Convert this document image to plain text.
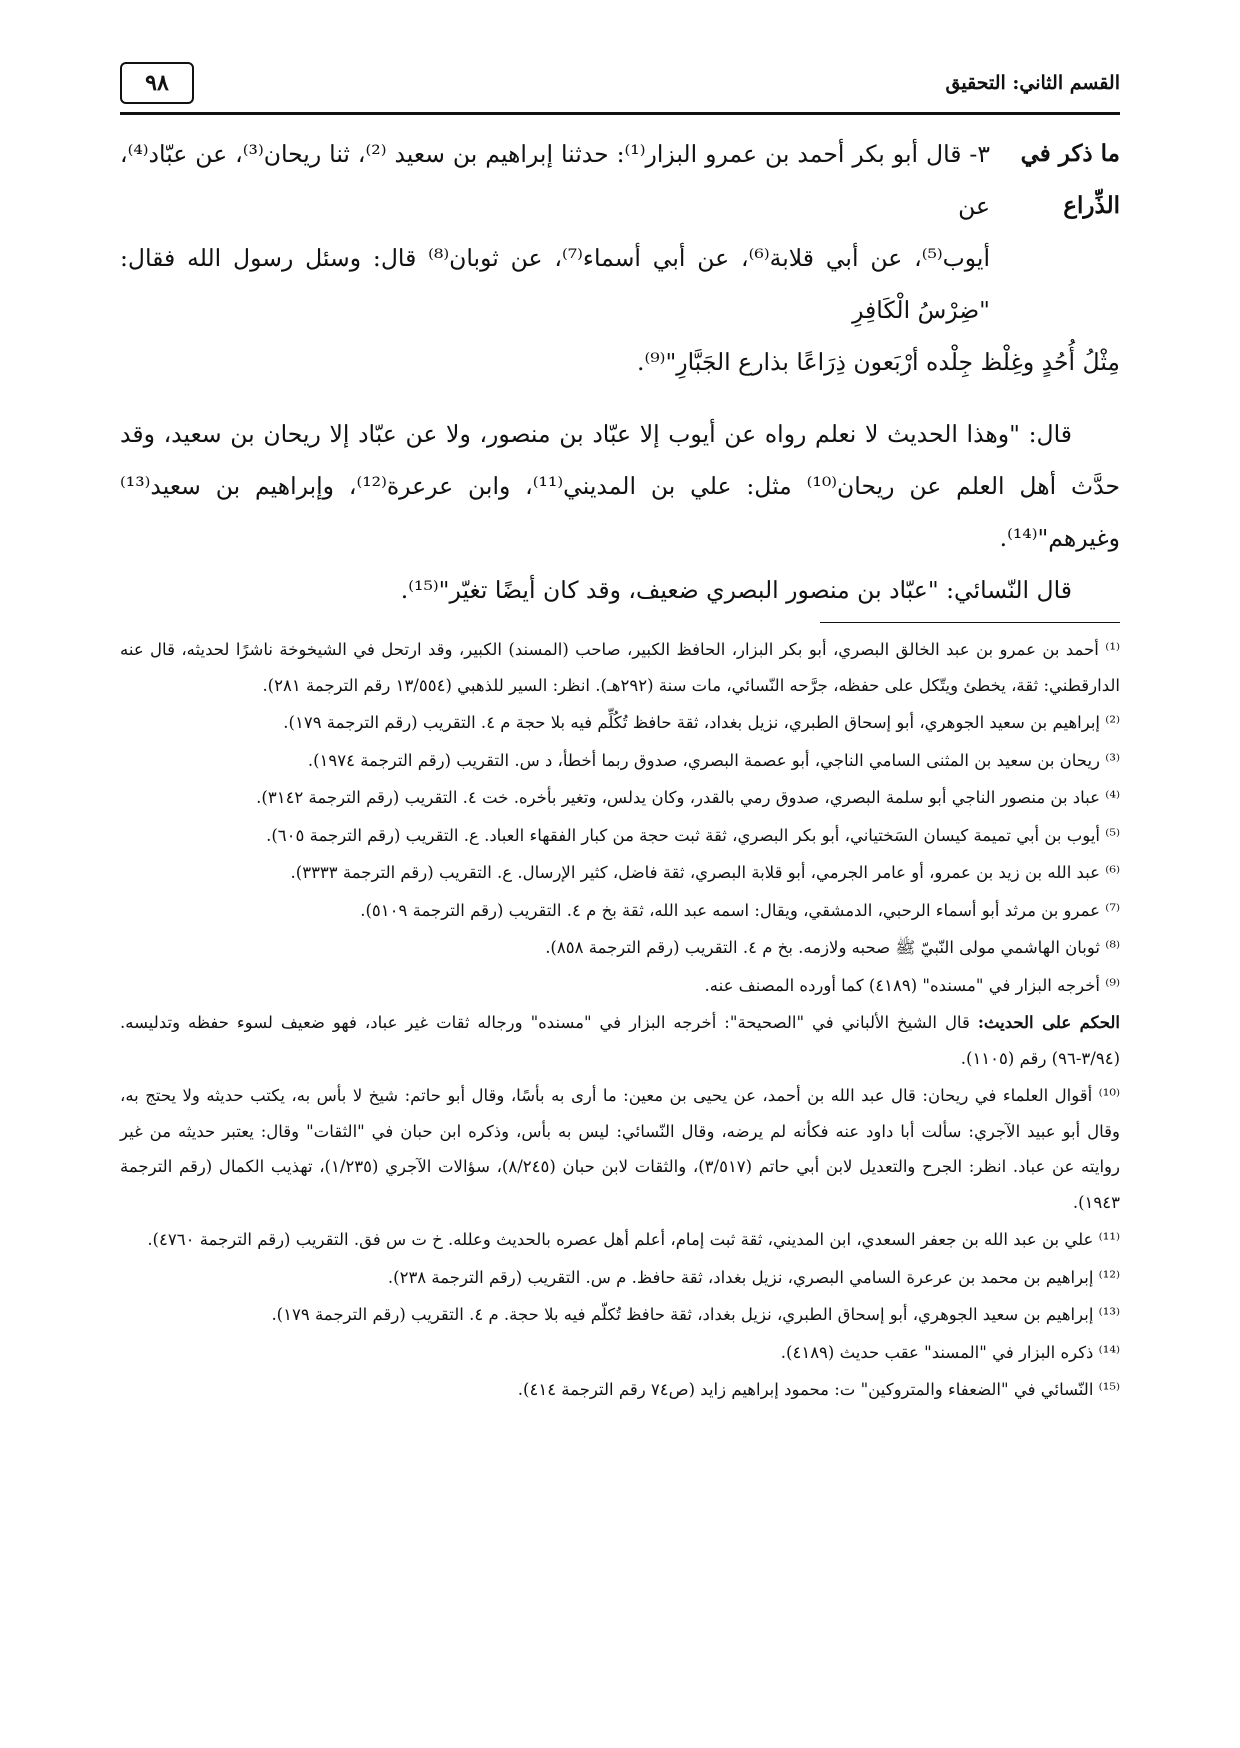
٩٨	القسم الثاني: التحقيق
ما ذكر في
الذِّراع

٣- قال أبو بكر أحمد بن عمرو البزار⁽¹⁾: حدثنا إبراهيم بن سعيد ⁽²⁾، ثنا ريحان⁽³⁾، عن عبّاد⁽⁴⁾، عن

أيوب⁽⁵⁾، عن أبي قلابة⁽⁶⁾، عن أبي أسماء⁽⁷⁾، عن ثوبان⁽⁸⁾ قال: وسئل رسول الله فقال: "ضِرْسُ الْكَافِرِ

مِثْلُ أُحُدٍ وغِلْظ جِلْده أرْبَعون ذِرَاعًا بذارع الجَبَّارِ"⁽⁹⁾.

قال: "وهذا الحديث لا نعلم رواه عن أيوب إلا عبّاد بن منصور، ولا عن عبّاد إلا ريحان بن سعيد، وقد حدَّث أهل العلم عن ريحان⁽¹⁰⁾ مثل: علي بن المديني⁽¹¹⁾، وابن عرعرة⁽¹²⁾، وإبراهيم بن سعيد⁽¹³⁾ وغيرهم"⁽¹⁴⁾.

قال النّسائي: "عبّاد بن منصور البصري ضعيف، وقد كان أيضًا تغيّر"⁽¹⁵⁾.

⁽¹⁾ أحمد بن عمرو بن عبد الخالق البصري، أبو بكر البزار، الحافظ الكبير، صاحب (المسند) الكبير، وقد ارتحل في الشيخوخة ناشرًا لحديثه، قال عنه الدارقطني: ثقة، يخطئ ويتّكل على حفظه، جرَّحه النّسائي، مات سنة (٢٩٢هـ). انظر: السير للذهبي (١٣/٥٥٤ رقم الترجمة ٢٨١).

⁽²⁾ إبراهيم بن سعيد الجوهري، أبو إسحاق الطبري، نزيل بغداد، ثقة حافظ تُكُلِّم فيه بلا حجة م ٤. التقريب (رقم الترجمة ١٧٩).

⁽³⁾ ريحان بن سعيد بن المثنى السامي الناجي، أبو عصمة البصري، صدوق ربما أخطأ، د س. التقريب (رقم الترجمة ١٩٧٤).

⁽⁴⁾ عباد بن منصور الناجي أبو سلمة البصري، صدوق رمي بالقدر، وكان يدلس، وتغير بأخره. خت ٤. التقريب (رقم الترجمة ٣١٤٢).

⁽⁵⁾ أيوب بن أبي تميمة كيسان السَختياني، أبو بكر البصري، ثقة ثبت حجة من كبار الفقهاء العباد. ع. التقريب (رقم الترجمة ٦٠٥).

⁽⁶⁾ عبد الله بن زيد بن عمرو، أو عامر الجرمي، أبو قلابة البصري، ثقة فاضل، كثير الإرسال. ع. التقريب (رقم الترجمة ٣٣٣٣).

⁽⁷⁾ عمرو بن مرثد أبو أسماء الرحبي، الدمشقي، ويقال: اسمه عبد الله، ثقة بخ م ٤. التقريب (رقم الترجمة ٥١٠٩).

⁽⁸⁾ ثوبان الهاشمي مولى النّبيّ ﷺ صحبه ولازمه. بخ م ٤. التقريب (رقم الترجمة ٨٥٨).

⁽⁹⁾ أخرجه البزار في "مسنده" (٤١٨٩) كما أورده المصنف عنه.

الحكم على الحديث: قال الشيخ الألباني في "الصحيحة": أخرجه البزار في "مسنده" ورجاله ثقات غير عباد، فهو ضعيف لسوء حفظه وتدليسه. (٣/٩٤-٩٦) رقم (١١٠٥).

⁽¹⁰⁾ أقوال العلماء في ريحان: قال عبد الله بن أحمد، عن يحيى بن معين: ما أرى به بأسًا، وقال أبو حاتم: شيخ لا بأس به، يكتب حديثه ولا يحتج به، وقال أبو عبيد الآجري: سألت أبا داود عنه فكأنه لم يرضه، وقال النّسائي: ليس به بأس، وذكره ابن حبان في "الثقات" وقال: يعتبر حديثه من غير روايته عن عباد. انظر: الجرح والتعديل لابن أبي حاتم (٣/٥١٧)، والثقات لابن حبان (٨/٢٤٥)، سؤالات الآجري (١/٢٣٥)، تهذيب الكمال (رقم الترجمة ١٩٤٣).

⁽¹¹⁾ علي بن عبد الله بن جعفر السعدي، ابن المديني، ثقة ثبت إمام، أعلم أهل عصره بالحديث وعلله. خ ت س فق. التقريب (رقم الترجمة ٤٧٦٠).

⁽¹²⁾ إبراهيم بن محمد بن عرعرة السامي البصري، نزيل بغداد، ثقة حافظ. م س. التقريب (رقم الترجمة ٢٣٨).

⁽¹³⁾ إبراهيم بن سعيد الجوهري، أبو إسحاق الطبري، نزيل بغداد، ثقة حافظ تُكلّم فيه بلا حجة. م ٤. التقريب (رقم الترجمة ١٧٩).

⁽¹⁴⁾ ذكره البزار في "المسند" عقب حديث (٤١٨٩).

⁽¹⁵⁾ النّسائي في "الضعفاء والمتروكين" ت: محمود إبراهيم زايد (ص٧٤ رقم الترجمة ٤١٤).
